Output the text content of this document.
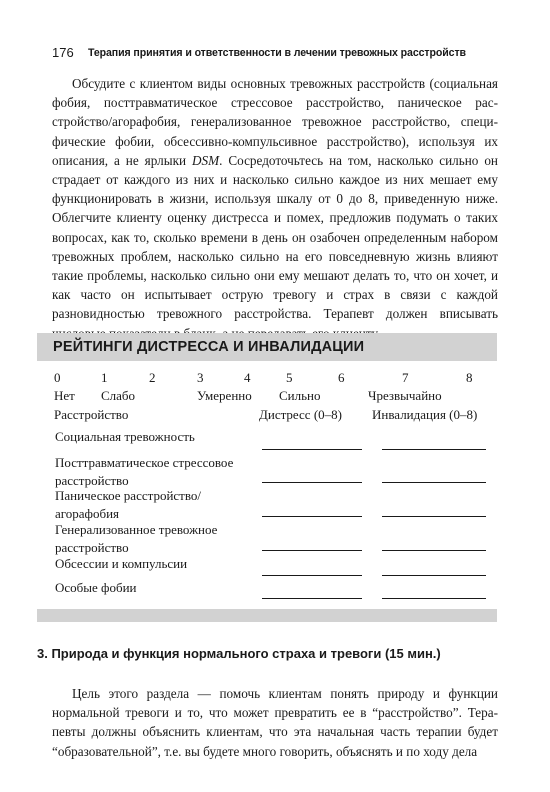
176 Терапия принятия и ответственности в лечении тревожных расстройств

Обсудите с клиентом виды основных тревожных расстройств (социальная фобия, посттравматическое стрессовое расстройство, паническое расстройство/агорафобия, генерализованное тревожное расстройство, специфические фобии, обсессивно-компульсивное расстройство), используя их описания, а не ярлыки DSM. Сосредоточьтесь на том, насколько сильно он страдает от каждого из них и насколько сильно каждое из них мешает ему функционировать в жизни, используя шкалу от 0 до 8, приведенную ниже. Облегчите клиенту оценку дистресса и помех, предложив подумать о таких вопросах, как то, сколько времени в день он озабочен определенным набором тревожных проблем, насколько сильно на его повседневную жизнь влияют такие проблемы, насколько сильно они ему мешают делать то, что он хочет, и как часто он испытывает острую тревогу и страх в связи с каждой разновидностью тревожного расстройства. Терапевт должен вписывать

РЕЙТИНГИ ДИСТРЕССА И ИНВАЛИДАЦИИ
0	1	2	3	4	5	6	7	8
Нет Слабо	Умеренно Сильно	Чрезвычайно
Расстройство	Дистресс (0–8) Инвалидация (0–8)
Социальная тревожность
Посттравматическое стрессовое расстройство
Паническое расстройство/ агорафобия
Генерализованное тревожное расстройство
Обсессии и компульсии
Особые фобии
3. Природа и функция нормального страха и тревоги (15 мин.)

Цель этого раздела — помочь клиентам понять природу и функции нормальной тревоги и то, что может превратить ее в “расстройство”. Терапевты должны объяснить клиентам, что эта начальная часть терапии будет “образовательной”, т.е. вы будете много говорить, объяснять и по ходу дела
